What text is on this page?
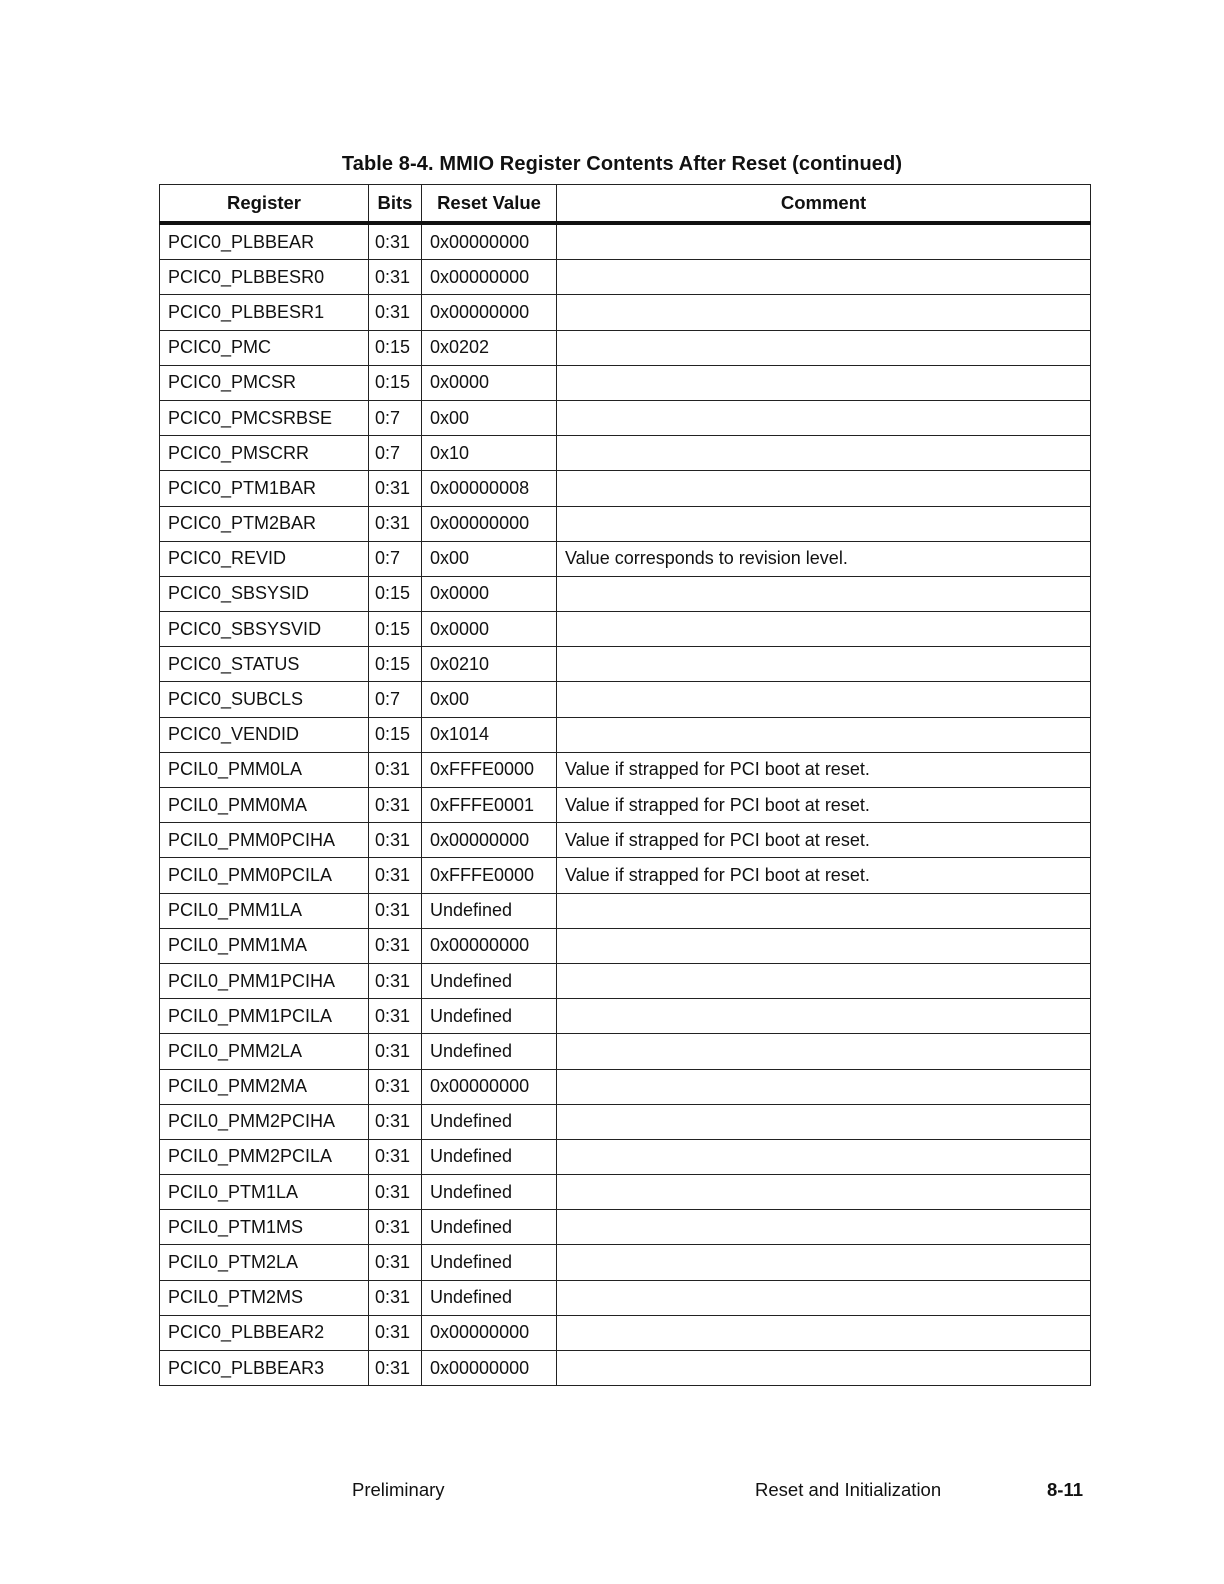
Table 8-4. MMIO Register Contents After Reset (continued)
Register	Bits	Reset Value	Comment
PCIC0_PLBBEAR	0:31	0x00000000	
PCIC0_PLBBESR0	0:31	0x00000000	
PCIC0_PLBBESR1	0:31	0x00000000	
PCIC0_PMC	0:15	0x0202	
PCIC0_PMCSR	0:15	0x0000	
PCIC0_PMCSRBSE	0:7	0x00	
PCIC0_PMSCRR	0:7	0x10	
PCIC0_PTM1BAR	0:31	0x00000008	
PCIC0_PTM2BAR	0:31	0x00000000	
PCIC0_REVID	0:7	0x00	Value corresponds to revision level.
PCIC0_SBSYSID	0:15	0x0000	
PCIC0_SBSYSVID	0:15	0x0000	
PCIC0_STATUS	0:15	0x0210	
PCIC0_SUBCLS	0:7	0x00	
PCIC0_VENDID	0:15	0x1014	
PCIL0_PMM0LA	0:31	0xFFFE0000	Value if strapped for PCI boot at reset.
PCIL0_PMM0MA	0:31	0xFFFE0001	Value if strapped for PCI boot at reset.
PCIL0_PMM0PCIHA	0:31	0x00000000	Value if strapped for PCI boot at reset.
PCIL0_PMM0PCILA	0:31	0xFFFE0000	Value if strapped for PCI boot at reset.
PCIL0_PMM1LA	0:31	Undefined	
PCIL0_PMM1MA	0:31	0x00000000	
PCIL0_PMM1PCIHA	0:31	Undefined	
PCIL0_PMM1PCILA	0:31	Undefined	
PCIL0_PMM2LA	0:31	Undefined	
PCIL0_PMM2MA	0:31	0x00000000	
PCIL0_PMM2PCIHA	0:31	Undefined	
PCIL0_PMM2PCILA	0:31	Undefined	
PCIL0_PTM1LA	0:31	Undefined	
PCIL0_PTM1MS	0:31	Undefined	
PCIL0_PTM2LA	0:31	Undefined	
PCIL0_PTM2MS	0:31	Undefined	
PCIC0_PLBBEAR2	0:31	0x00000000	
PCIC0_PLBBEAR3	0:31	0x00000000	
Preliminary	Reset and Initialization	8-11
